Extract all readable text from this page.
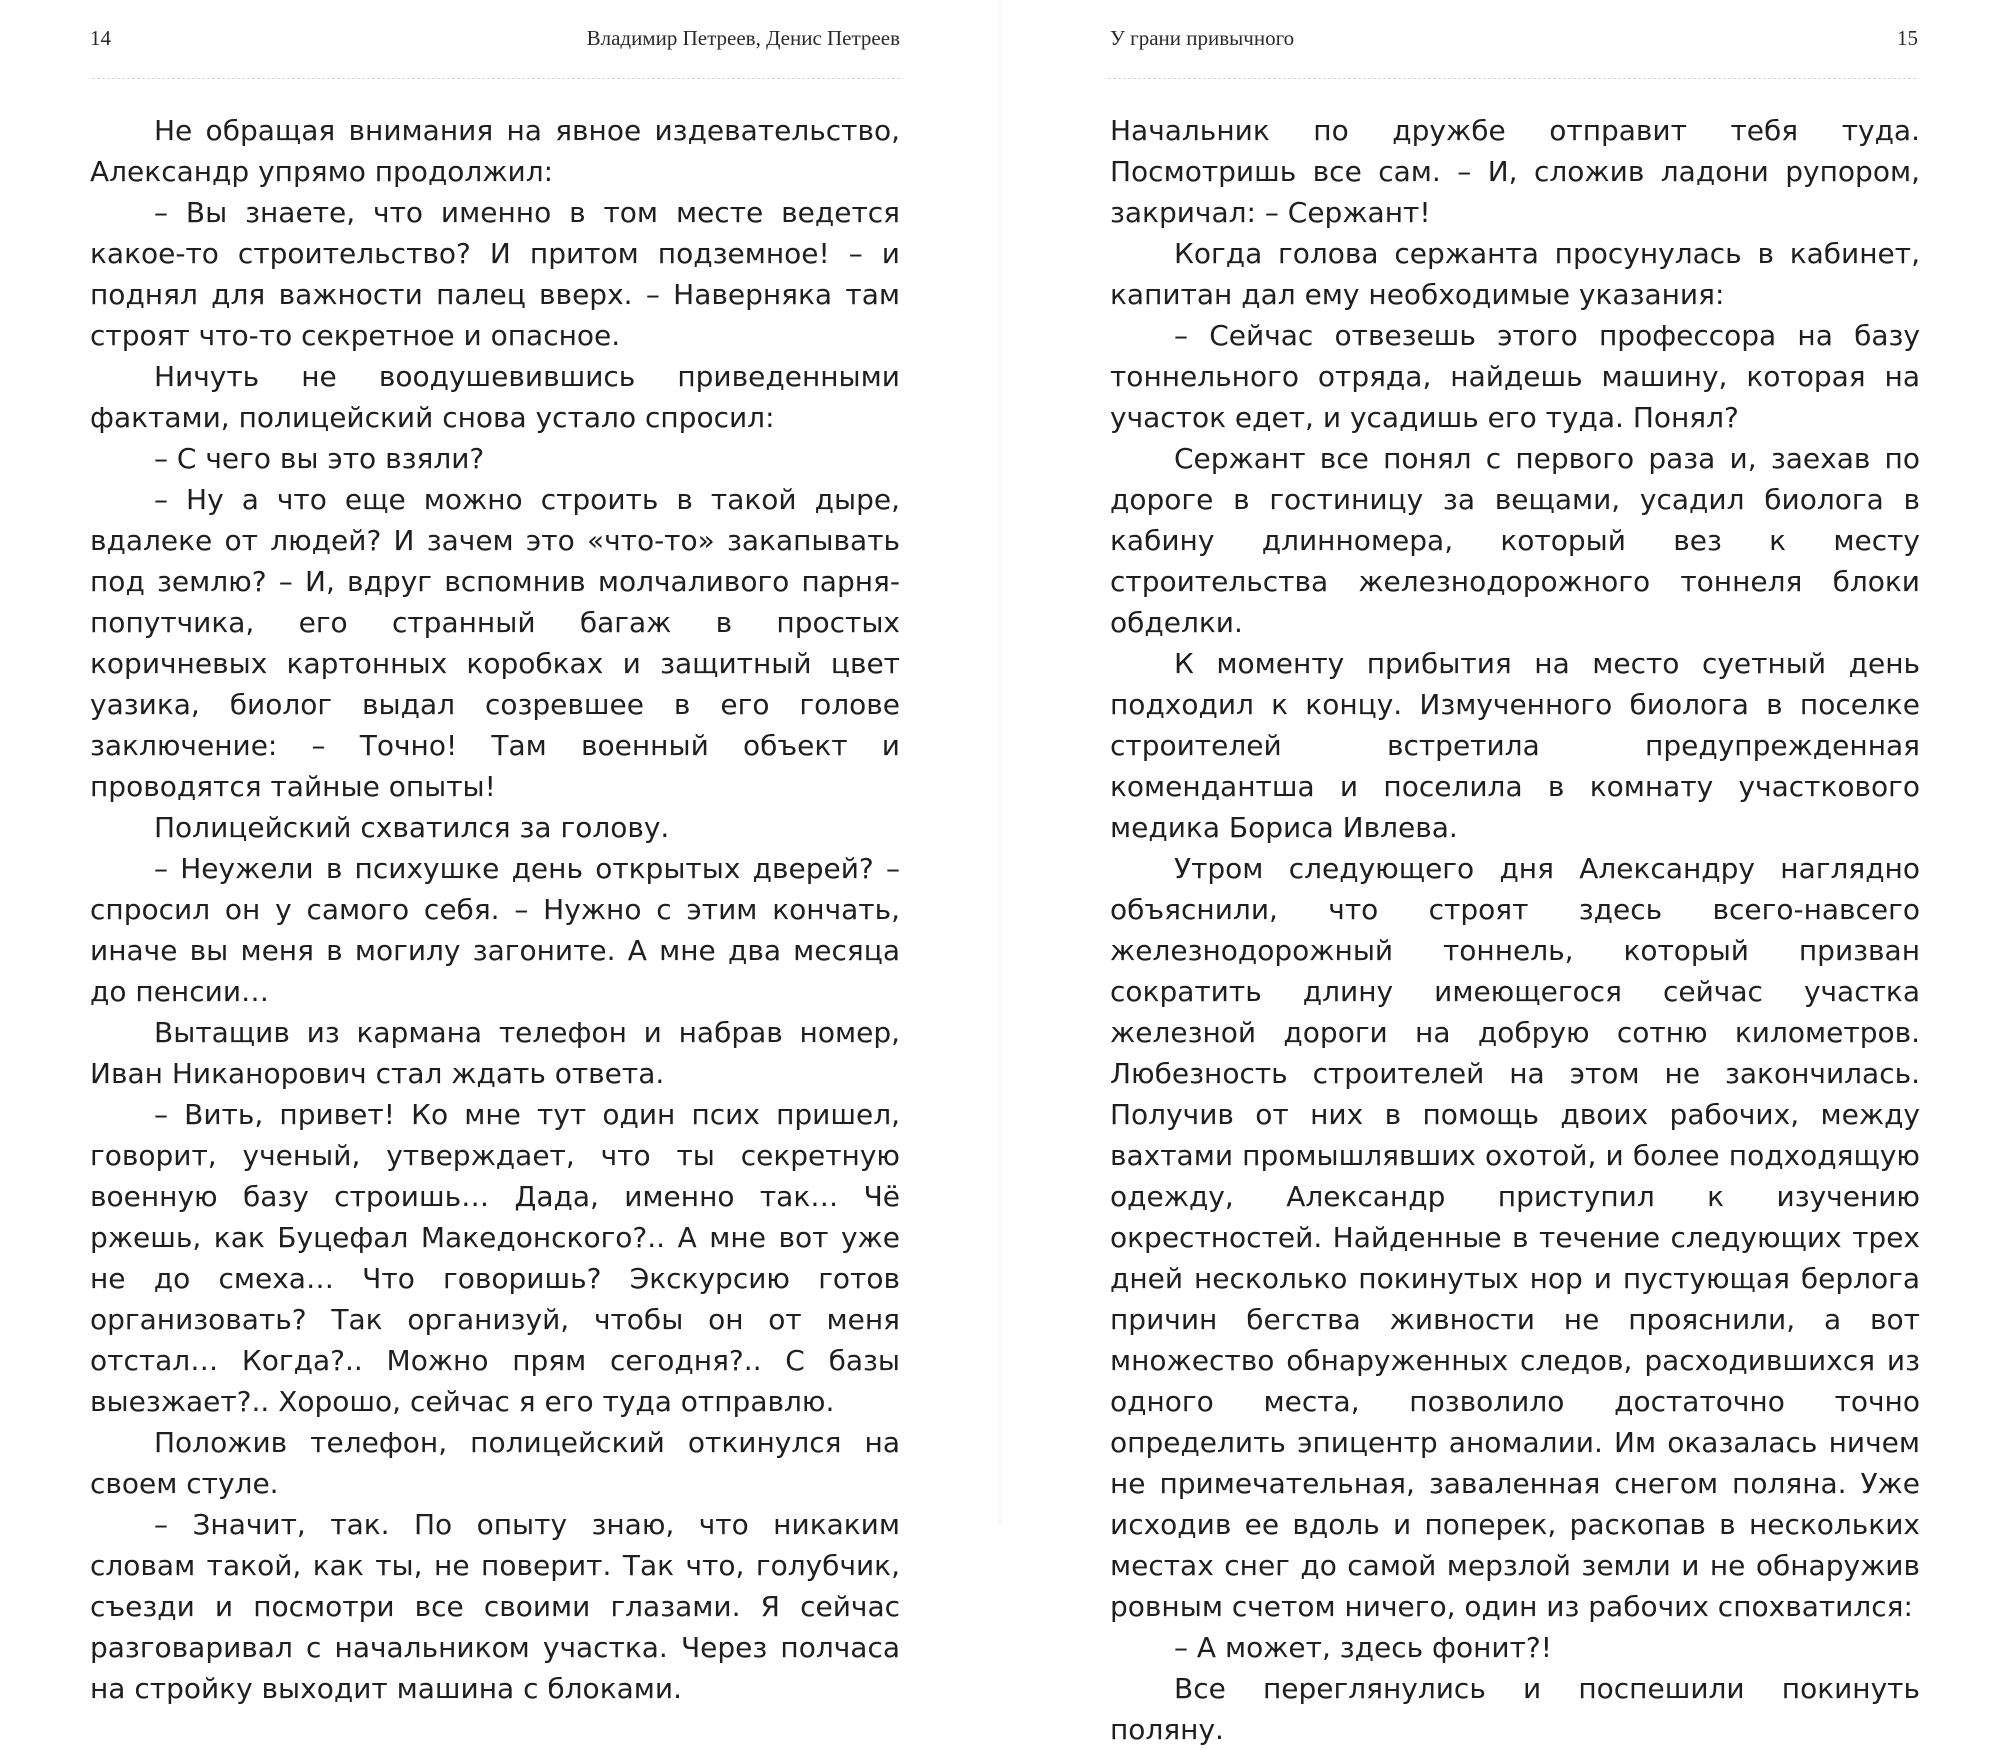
14	Владимир Петреев, Денис Петреев

Не обращая внимания на явное издевательство, Александр упрямо продолжил:

– Вы знаете, что именно в том месте ведется какое-то строительство? И притом подземное! – и поднял для важности палец вверх. – Наверняка там строят что-то секретное и опасное.

Ничуть не воодушевившись приведенными фактами, полицейский снова устало спросил:

– С чего вы это взяли?

– Ну а что еще можно строить в такой дыре, вдалеке от людей? И зачем это «что-то» закапывать под землю? – И, вдруг вспомнив молчаливого парня-попутчика, его странный багаж в простых коричневых картонных коробках и защитный цвет уазика, биолог выдал созревшее в его голове заключение: – Точно! Там военный объект и проводятся тайные опыты!

Полицейский схватился за голову.

– Неужели в психушке день открытых дверей? – спросил он у самого себя. – Нужно с этим кончать, иначе вы меня в могилу загоните. А мне два месяца до пенсии…

Вытащив из кармана телефон и набрав номер, Иван Никанорович стал ждать ответа.

– Вить, привет! Ко мне тут один псих пришел, говорит, ученый, утверждает, что ты секретную военную базу строишь… Дада, именно так… Чё ржешь, как Буцефал Македонского?.. А мне вот уже не до смеха… Что говоришь? Экскурсию готов организовать? Так организуй, чтобы он от меня отстал… Когда?.. Можно прям сегодня?.. С базы выезжает?.. Хорошо, сейчас я его туда отправлю.

Положив телефон, полицейский откинулся на своем стуле.

– Значит, так. По опыту знаю, что никаким словам такой, как ты, не поверит. Так что, голубчик, съезди и посмотри все своими глазами. Я сейчас разговаривал с начальником участка. Через полчаса на стройку выходит машина с блоками.

У грани привычного	15

Начальник по дружбе отправит тебя туда. Посмотришь все сам. – И, сложив ладони рупором, закричал: – Сержант!

Когда голова сержанта просунулась в кабинет, капитан дал ему необходимые указания:

– Сейчас отвезешь этого профессора на базу тоннельного отряда, найдешь машину, которая на участок едет, и усадишь его туда. Понял?

Сержант все понял с первого раза и, заехав по дороге в гостиницу за вещами, усадил биолога в кабину длинномера, который вез к месту строительства железнодорожного тоннеля блоки обделки.

К моменту прибытия на место суетный день подходил к концу. Измученного биолога в поселке строителей встретила предупрежденная комендантша и поселила в комнату участкового медика Бориса Ивлева.

Утром следующего дня Александру наглядно объяснили, что строят здесь всего-навсего железнодорожный тоннель, который призван сократить длину имеющегося сейчас участка железной дороги на добрую сотню километров. Любезность строителей на этом не закончилась. Получив от них в помощь двоих рабочих, между вахтами промышлявших охотой, и более подходящую одежду, Александр приступил к изучению окрестностей. Найденные в течение следующих трех дней несколько покинутых нор и пустующая берлога причин бегства живности не прояснили, а вот множество обнаруженных следов, расходившихся из одного места, позволило достаточно точно определить эпицентр аномалии. Им оказалась ничем не примечательная, заваленная снегом поляна. Уже исходив ее вдоль и поперек, раскопав в нескольких местах снег до самой мерзлой земли и не обнаружив ровным счетом ничего, один из рабочих спохватился:

– А может, здесь фонит?!

Все переглянулись и поспешили покинуть поляну.
